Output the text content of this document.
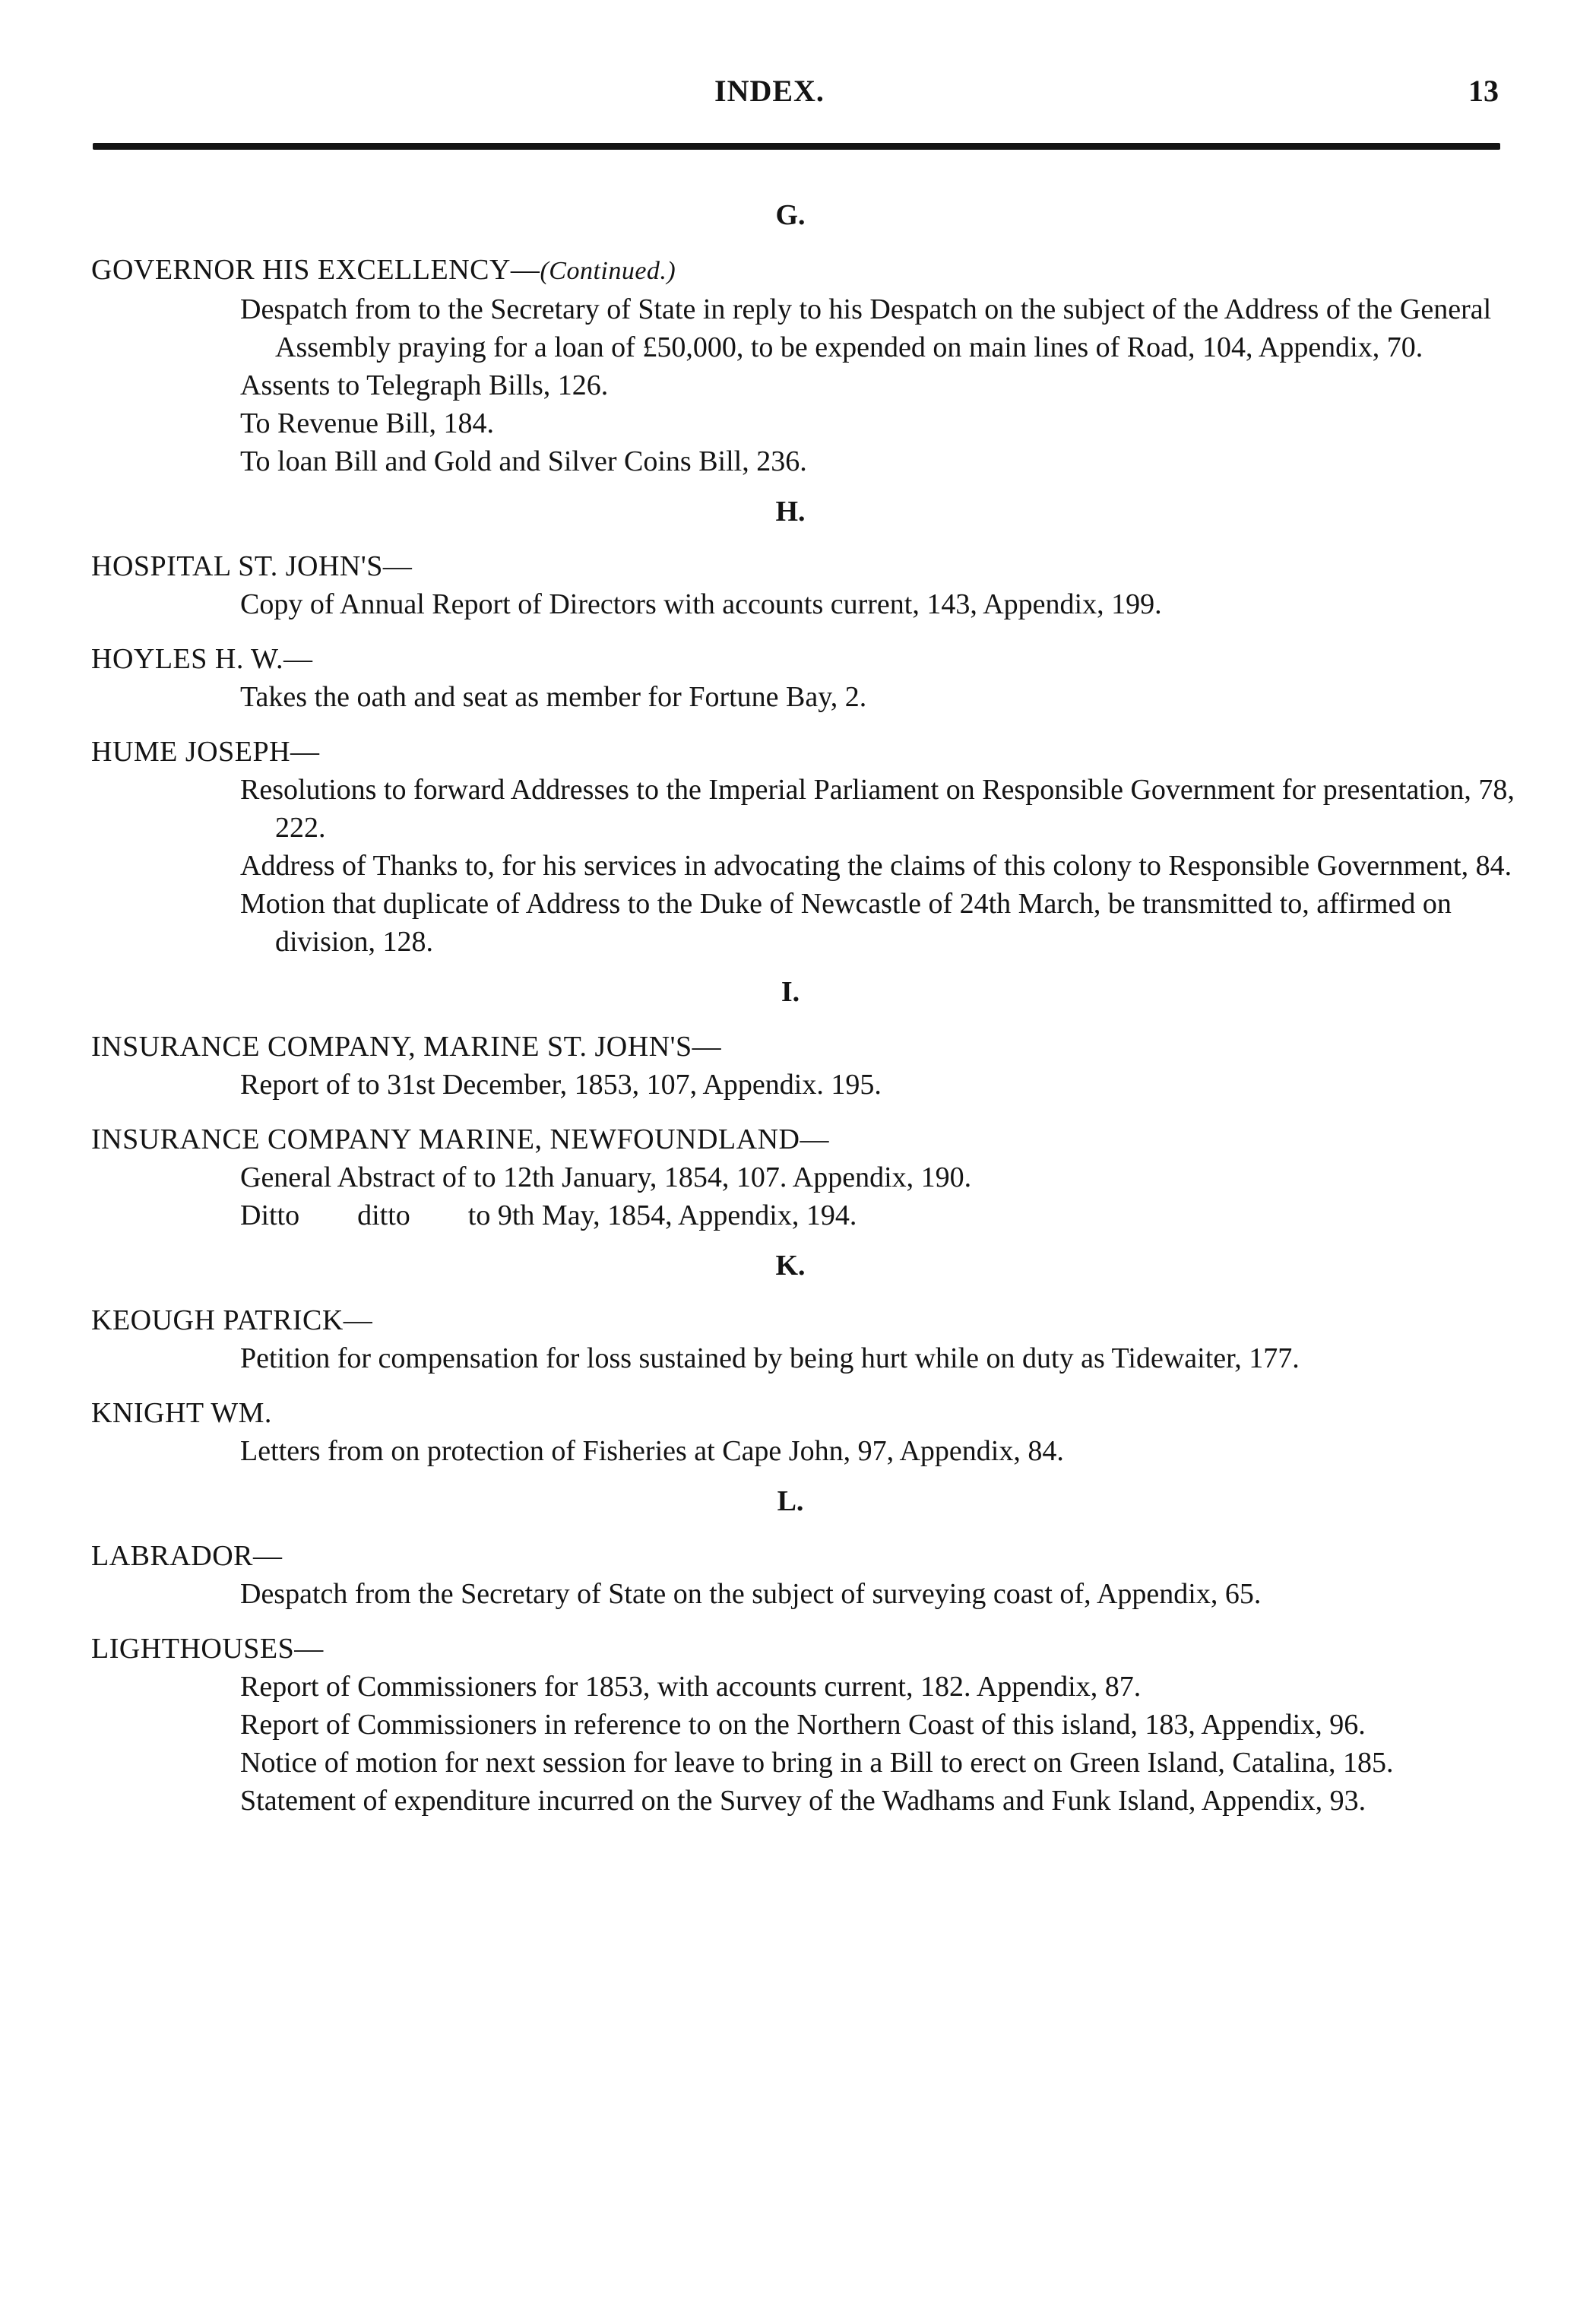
INDEX.	13
G.
GOVERNOR HIS EXCELLENCY—(Continued.)
Despatch from to the Secretary of State in reply to his Despatch on the subject of the Address of the General Assembly praying for a loan of £50,000, to be expended on main lines of Road, 104, Appendix, 70.
Assents to Telegraph Bills, 126.
To Revenue Bill, 184.
To loan Bill and Gold and Silver Coins Bill, 236.
H.
HOSPITAL ST. JOHN'S—
Copy of Annual Report of Directors with accounts current, 143, Appendix, 199.
HOYLES H. W.—
Takes the oath and seat as member for Fortune Bay, 2.
HUME JOSEPH—
Resolutions to forward Addresses to the Imperial Parliament on Responsible Government for presentation, 78, 222.
Address of Thanks to, for his services in advocating the claims of this colony to Responsible Government, 84.
Motion that duplicate of Address to the Duke of Newcastle of 24th March, be transmitted to, affirmed on division, 128.
I.
INSURANCE COMPANY, MARINE ST. JOHN'S—
Report of to 31st December, 1853, 107, Appendix. 195.
INSURANCE COMPANY MARINE, NEWFOUNDLAND—
General Abstract of to 12th January, 1854, 107. Appendix, 190.
Ditto        ditto        to 9th May, 1854, Appendix, 194.
K.
KEOUGH PATRICK—
Petition for compensation for loss sustained by being hurt while on duty as Tidewaiter, 177.
KNIGHT WM.
Letters from on protection of Fisheries at Cape John, 97, Appendix, 84.
L.
LABRADOR—
Despatch from the Secretary of State on the subject of surveying coast of, Appendix, 65.
LIGHTHOUSES—
Report of Commissioners for 1853, with accounts current, 182. Appendix, 87.
Report of Commissioners in reference to on the Northern Coast of this island, 183, Appendix, 96.
Notice of motion for next session for leave to bring in a Bill to erect on Green Island, Catalina, 185.
Statement of expenditure incurred on the Survey of the Wadhams and Funk Island, Appendix, 93.
